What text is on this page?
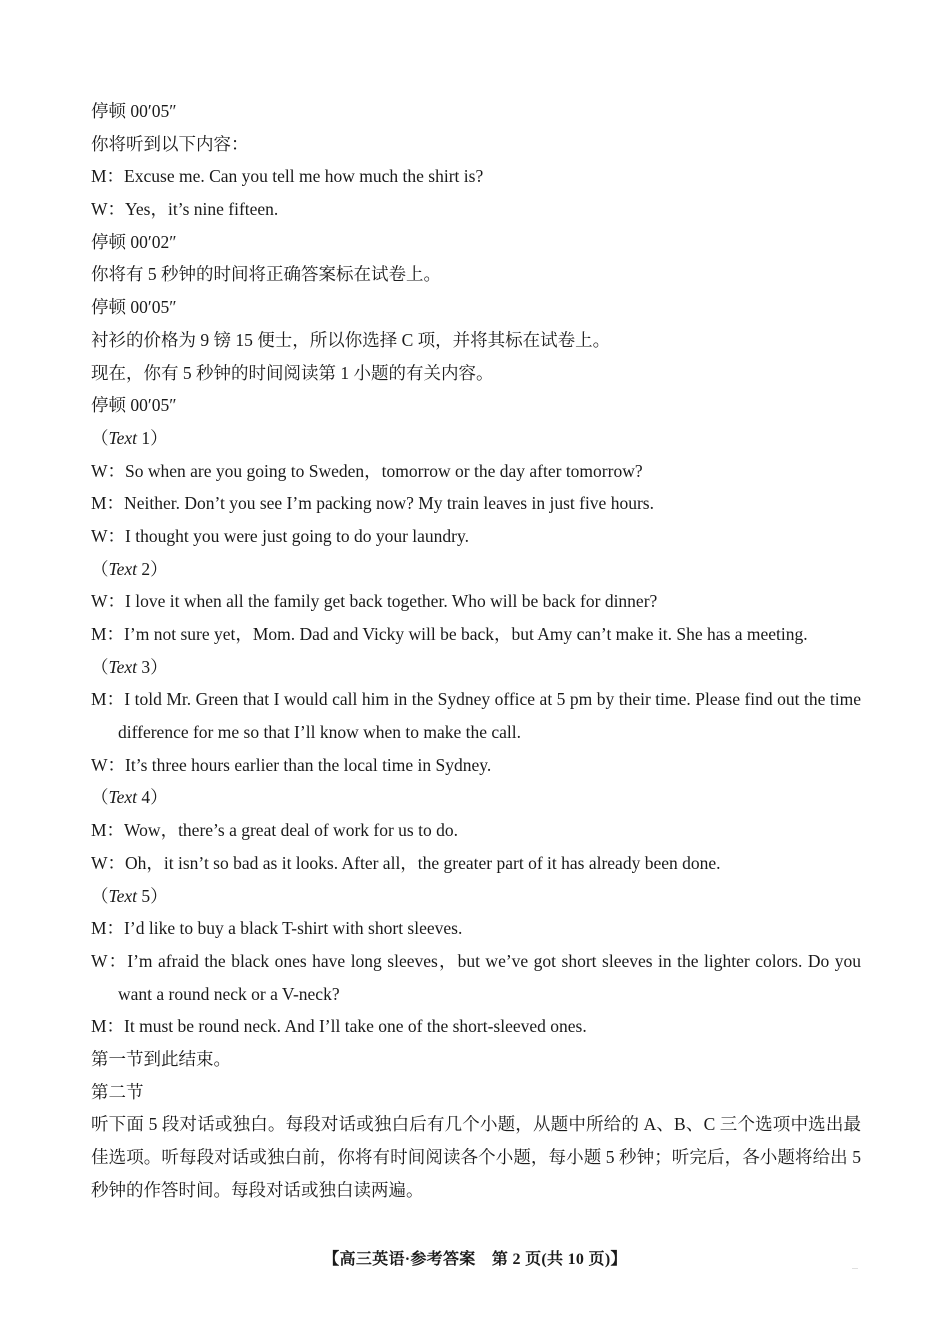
停顿 00′05″
你将听到以下内容：
M：Excuse me. Can you tell me how much the shirt is?
W：Yes，it’s nine fifteen.
停顿 00′02″
你将有 5 秒钟的时间将正确答案标在试卷上。
停顿 00′05″
衬衫的价格为 9 镑 15 便士，所以你选择 C 项，并将其标在试卷上。
现在，你有 5 秒钟的时间阅读第 1 小题的有关内容。
停顿 00′05″
（Text 1）
W：So when are you going to Sweden，tomorrow or the day after tomorrow?
M：Neither. Don’t you see I’m packing now? My train leaves in just five hours.
W：I thought you were just going to do your laundry.
（Text 2）
W：I love it when all the family get back together. Who will be back for dinner?
M：I’m not sure yet，Mom. Dad and Vicky will be back，but Amy can’t make it. She has a meeting.
（Text 3）
M：I told Mr. Green that I would call him in the Sydney office at 5 pm by their time. Please find out the time difference for me so that I’ll know when to make the call.
W：It’s three hours earlier than the local time in Sydney.
（Text 4）
M：Wow，there’s a great deal of work for us to do.
W：Oh，it isn’t so bad as it looks. After all，the greater part of it has already been done.
（Text 5）
M：I’d like to buy a black T-shirt with short sleeves.
W：I’m afraid the black ones have long sleeves，but we’ve got short sleeves in the lighter colors. Do you want a round neck or a V-neck?
M：It must be round neck. And I’ll take one of the short-sleeved ones.
第一节到此结束。
第二节
听下面 5 段对话或独白。每段对话或独白后有几个小题，从题中所给的 A、B、C 三个选项中选出最佳选项。听每段对话或独白前，你将有时间阅读各个小题，每小题 5 秒钟；听完后，各小题将给出 5 秒钟的作答时间。每段对话或独白读两遍。
【高三英语·参考答案　第 2 页(共 10 页)】	...
